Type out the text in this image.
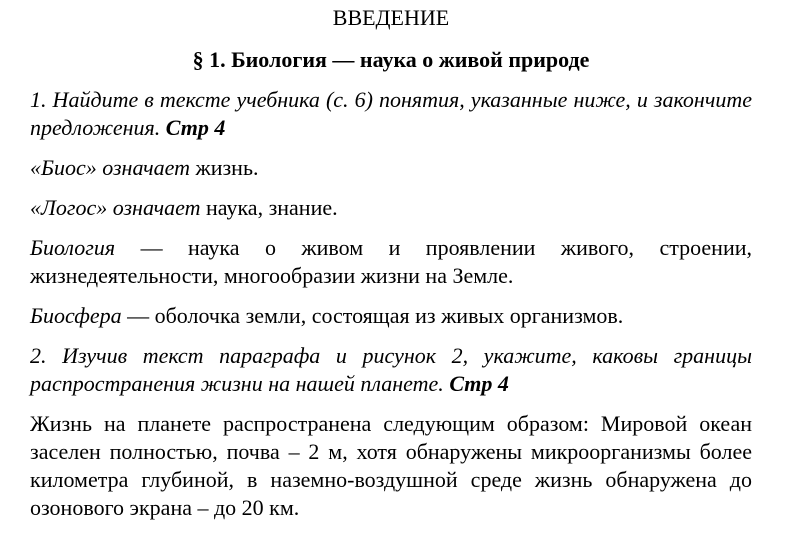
ВВЕДЕНИЕ
§ 1. Биология — наука о живой природе

1. Найдите в тексте учебника (с. 6) понятия, указанные ниже, и закончите предложения. Стр 4

«Биос» означает жизнь.

«Логос» означает наука, знание.

Биология — наука о живом и проявлении живого, строении, жизнедеятельности, многообразии жизни на Земле.

Биосфера — оболочка земли, состоящая из живых организмов.

2. Изучив текст параграфа и рисунок 2, укажите, каковы границы распространения жизни на нашей планете. Стр 4

Жизнь на планете распространена следующим образом: Мировой океан заселен полностью, почва – 2 м, хотя обнаружены микроорганизмы более километра глубиной, в наземно-воздушной среде жизнь обнаружена до озонового экрана – до 20 км.
